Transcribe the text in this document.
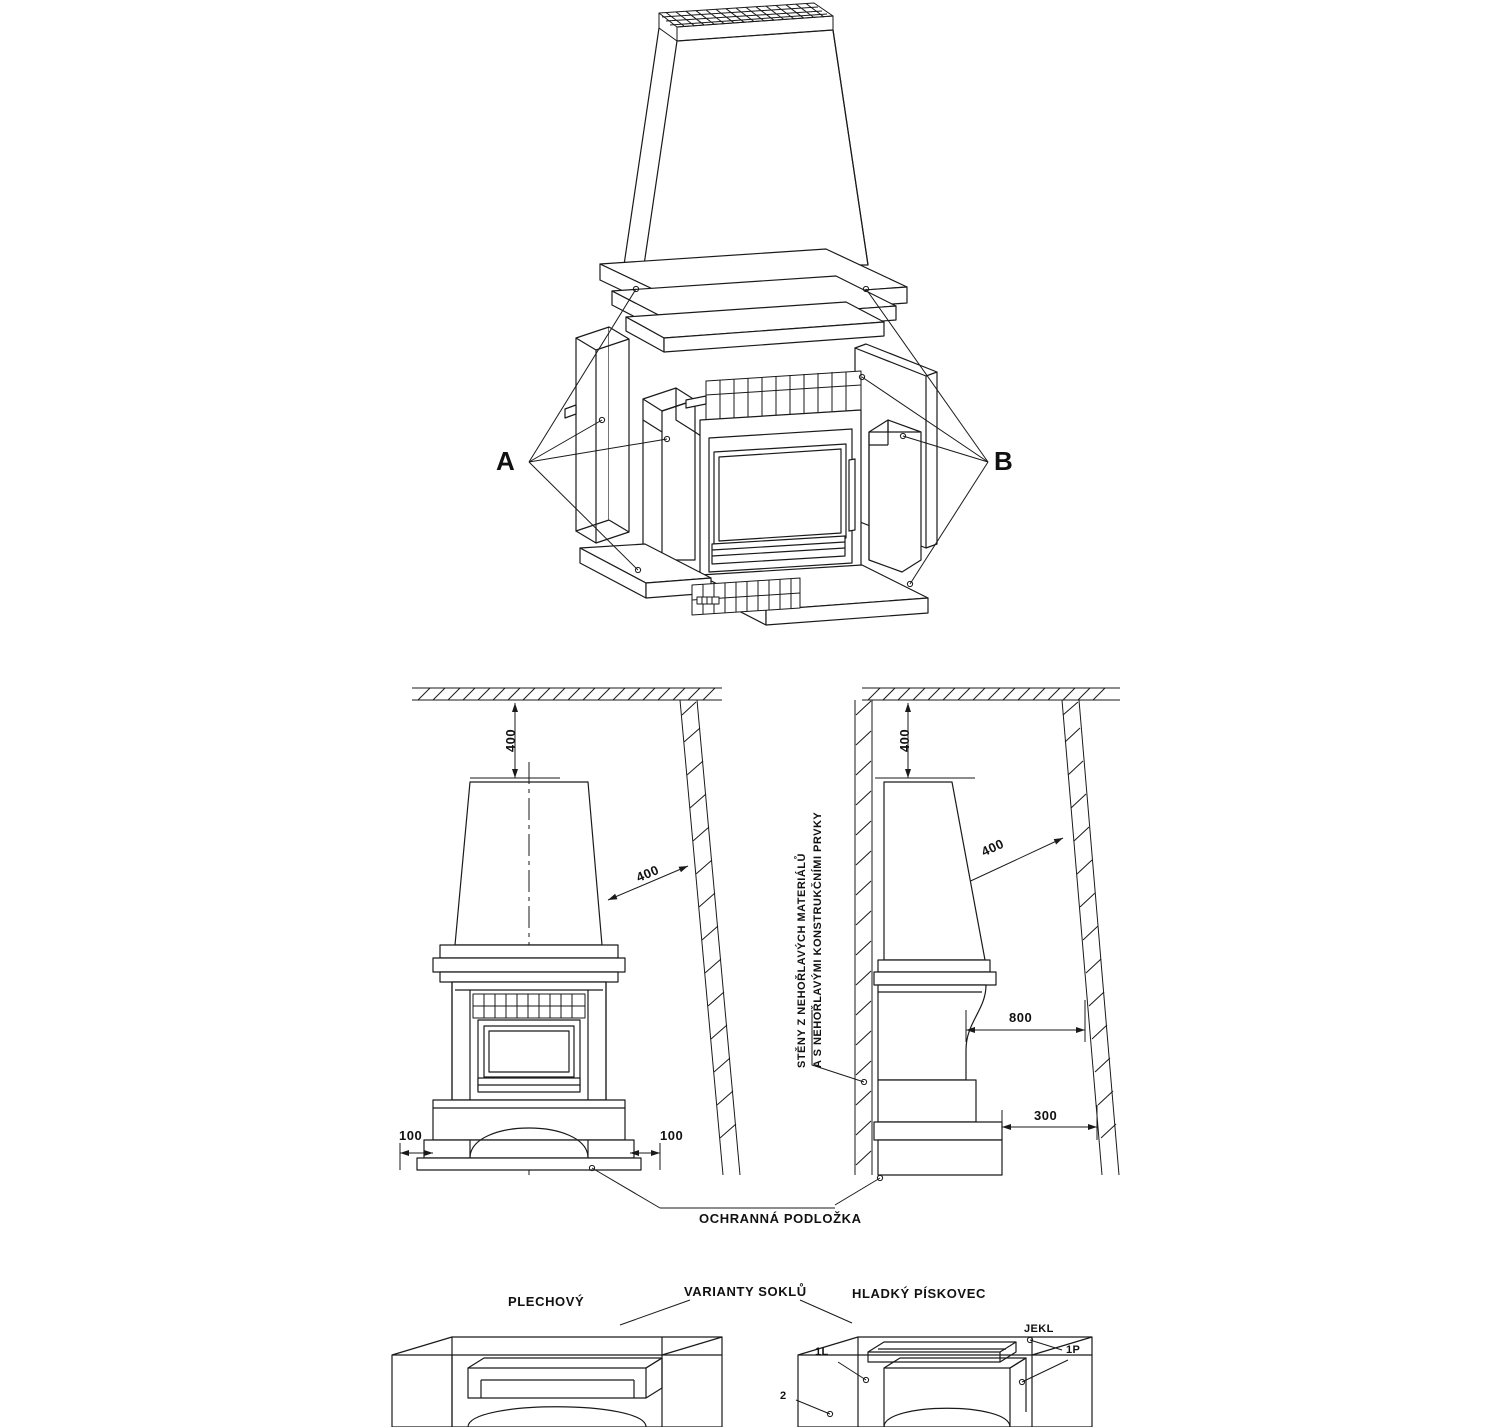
A	B
400
400
100	100
OCHRANNÁ PODLOŽKA
400
400
800
300
STĚNY Z NEHOŘLAVÝCH MATERIÁLŮ A S NEHOŘLAVÝMI KONSTRUKČNÍMI PRVKY
VARIANTY SOKLŮ
PLECHOVÝ
HLADKÝ PÍSKOVEC
JEKL
1L	1P
2
